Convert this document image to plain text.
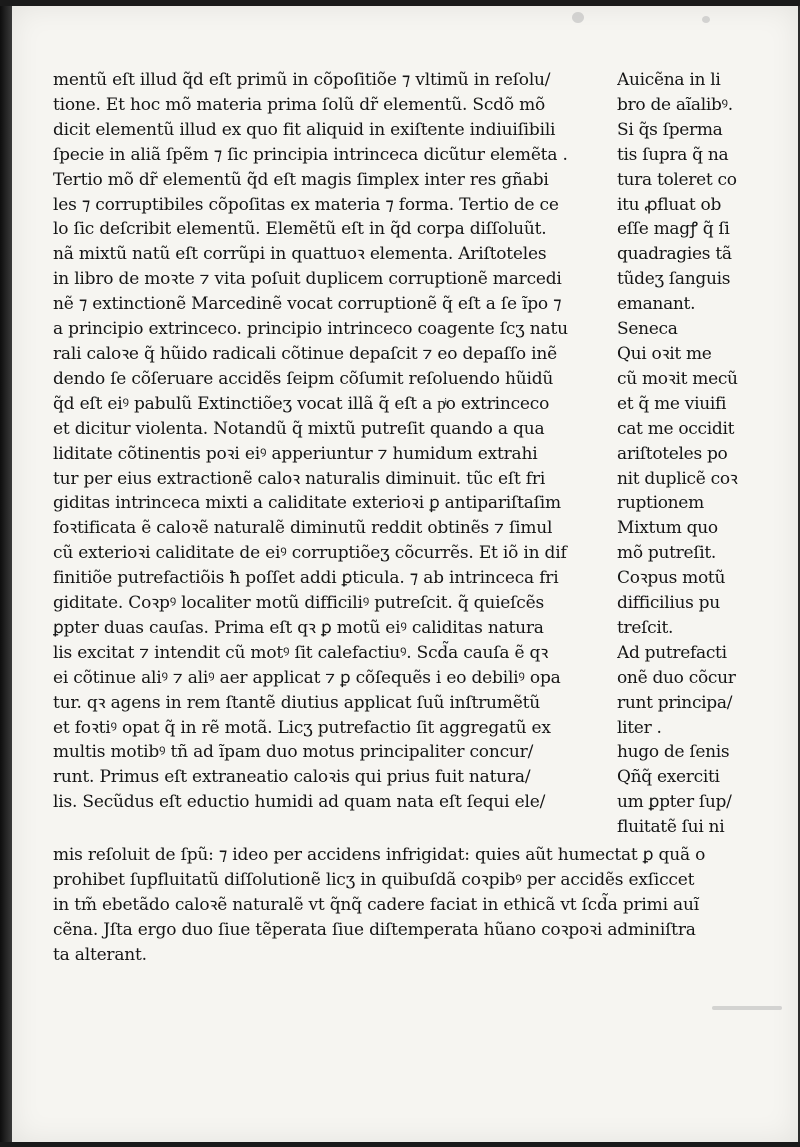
mentũ eſt illud q̃d eſt primũ in cõpoſitiõe ⁊ vltimũ in reſolu/
tione. Et hoc mõ materia prima ſolũ dr̃ elementũ. Scdõ mõ
dicit elementũ illud ex quo fit aliquid in exiſtente indiuiſibili
ſpecie in aliã ſpẽm ⁊ ſic principia intrinceca dicũtur elemẽta .
Tertio mõ dr̃ elementũ q̃d eſt magis ſimplex inter res gñabi
les ⁊ corruptibiles cõpoſitas ex materia ⁊ forma. Tertio de ce
lo ſic deſcribit elementũ. Elemẽtũ eſt in q̃d corpa diſſoluũt.
nã mixtũ natũ eſt corrũpi in quattuoꝛ elementa. Ariſtoteles
in libro de moꝛte ⁊ vita poſuit duplicem corruptionẽ marcedi
nẽ ⁊ extinctionẽ Marcedinẽ vocat corruptionẽ q̃ eſt a ſe ĩpo ⁊
a principio extrinceco. principio intrinceco coagente ſcʒ natu
rali caloꝛe q̃ hũido radicali cõtinue depaſcit ⁊ eo depaſſo inẽ
dendo ſe cõſeruare accidẽs ſeipm cõſumit reſoluendo hũidũ
q̃d eſt eiꝰ pabulũ Extinctiõeʒ vocat illã q̃ eſt a pͥo extrinceco
et dicitur violenta. Notandũ q̃ mixtũ putreſit quando a qua
liditate cõtinentis poꝛi eiꝰ apperiuntur ⁊ humidum extrahi
tur per eius extractionẽ caloꝛ naturalis diminuit. tũc eſt fri
giditas intrinceca mixti a caliditate exterioꝛi ꝑ antipariſtaſim
foꝛtificata ẽ caloꝛẽ naturalẽ diminutũ reddit obtinẽs ⁊ ſimul
cũ exterioꝛi caliditate de eiꝰ corruptiõeʒ cõcurrẽs. Et iõ in dif
finitiõe putrefactiõis ħ poſſet addi ꝑticula. ⁊ ab intrinceca fri
giditate. Coꝛpꝰ localiter motũ difficiliꝰ putreſcit. q̃ quieſcẽs
ꝑpter duas cauſas. Prima eſt qꝛ ꝑ motũ eiꝰ caliditas natura
lis excitat ⁊ intendit cũ motꝰ ſit calefactiuꝰ. Scd̃a cauſa ẽ qꝛ
ei cõtinue aliꝰ ⁊ aliꝰ aer applicat ⁊ ꝑ cõſequẽs i eo debiliꝰ opa
tur. qꝛ agens in rem ſtantẽ diutius applicat ſuũ inſtrumẽtũ
et foꝛtiꝰ opat q̃ in rẽ motã. Licʒ putrefactio ſit aggregatũ ex
multis motibꝰ tñ ad ĩpam duo motus principaliter concur/
runt. Primus eſt extraneatio caloꝛis qui prius fuit natura/
lis. Secũdus eſt eductio humidi ad quam nata eſt ſequi ele/
Auicẽna in li
bro de aĩalibꝰ.
Si q̃s ſperma
tis ſupra q̃ na
tura toleret co
itu ꝓfluat ob
eſſe magꝭ q̃ ſi
quadragies tã
tũdeʒ ſanguis
emanant.
Seneca
Qui oꝛit me
cũ moꝛit mecũ
et q̃ me viuifi
cat me occidit
ariſtoteles po
nit duplicẽ coꝛ
ruptionem
Mixtum quo
mõ putreſit.
Coꝛpus motũ
difficilius pu
treſcit.
Ad putrefacti
onẽ duo cõcur
runt principa/
liter .
hugo de ſenis
Qñq̃ exerciti
um ꝑpter ſup/
fluitatẽ ſui ni
mis reſoluit de ſpũ: ⁊ ideo per accidens infrigidat: quies aũt humectat ꝑ quã o
prohibet ſupfluitatũ diſſolutionẽ licʒ in quibuſdã coꝛpibꝰ per accidẽs exſiccet
in tm̃ ebetãdo caloꝛẽ naturalẽ vt q̃nq̃ cadere faciat in ethicã vt ſcd̃a primi auĩ
cẽna. Jſta ergo duo ſiue tẽperata ſiue diſtemperata hũano coꝛpoꝛi adminiſtra
ta alterant.
